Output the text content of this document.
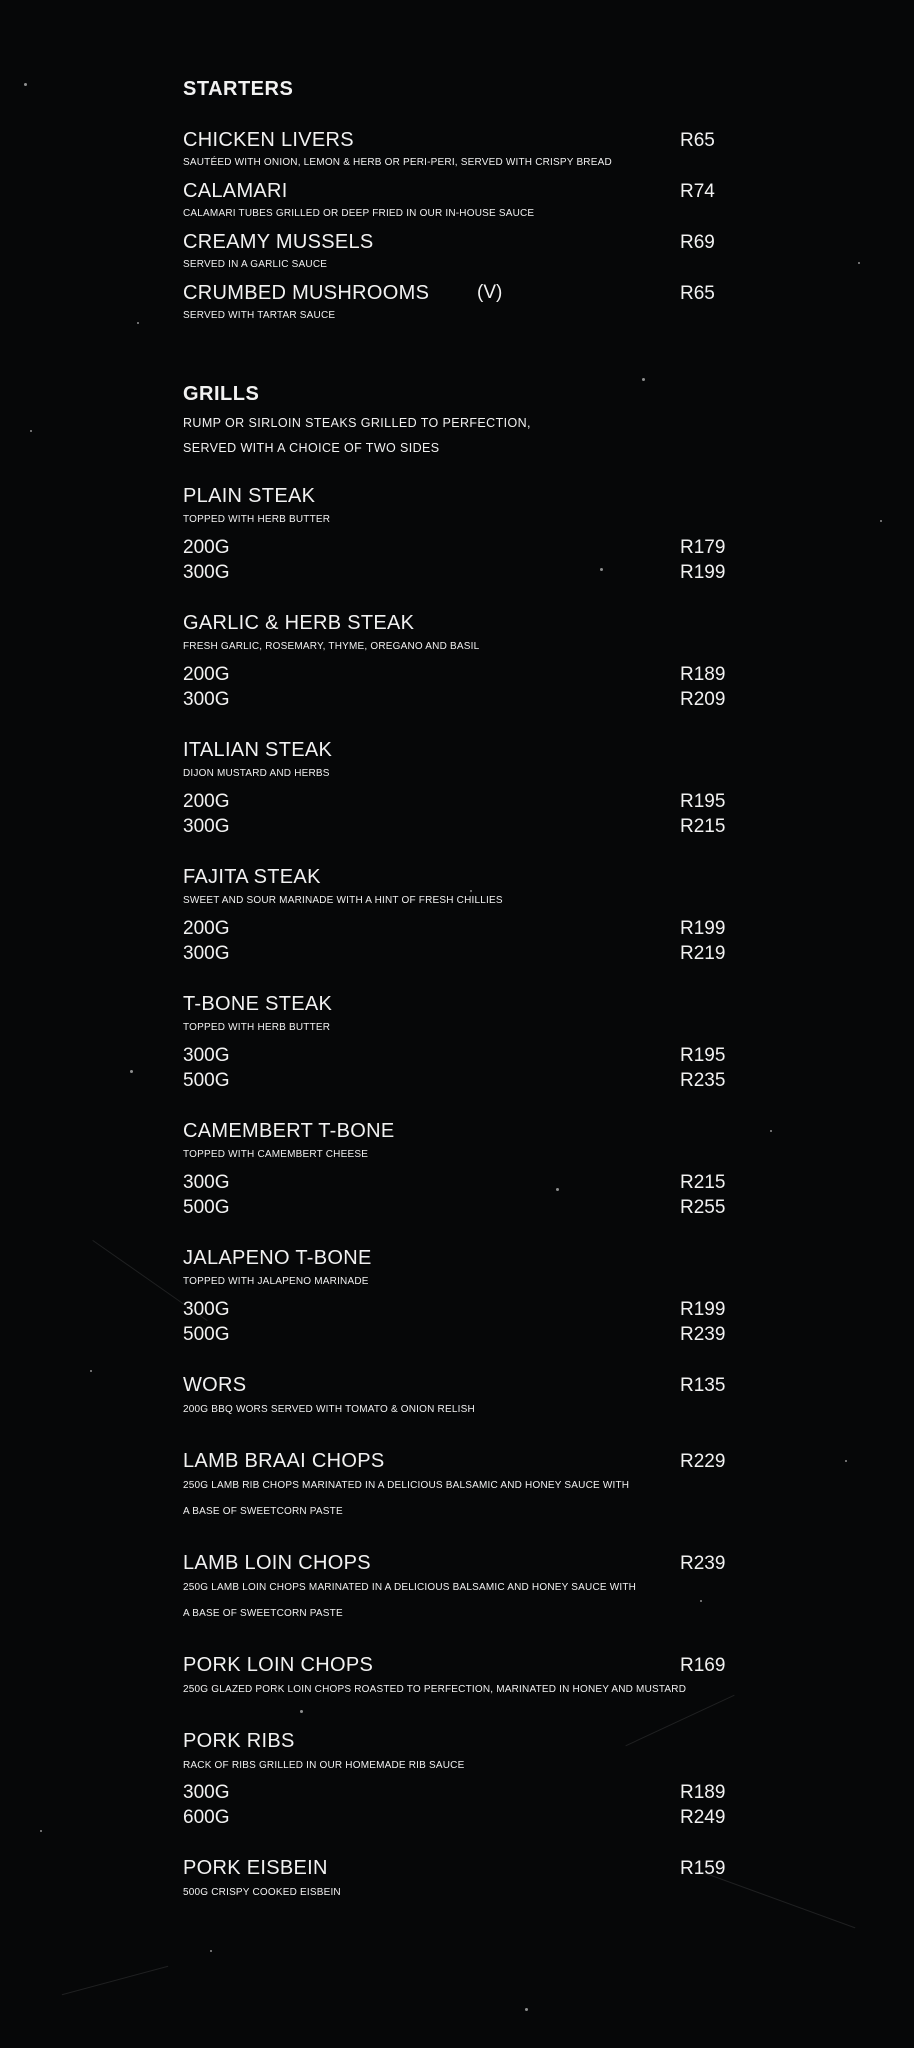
STARTERS
CHICKEN LIVERS	R65
SAUTÉED WITH ONION, LEMON & HERB OR PERI-PERI, SERVED WITH CRISPY BREAD
CALAMARI	R74
CALAMARI TUBES GRILLED OR DEEP FRIED IN OUR IN-HOUSE SAUCE
CREAMY MUSSELS	R69
SERVED IN A GARLIC SAUCE
CRUMBED MUSHROOMS	(V)	R65
SERVED WITH TARTAR SAUCE
GRILLS
RUMP OR SIRLOIN STEAKS GRILLED TO PERFECTION,
SERVED WITH A CHOICE OF TWO SIDES
PLAIN STEAK
TOPPED WITH HERB BUTTER
200G	R179
300G	R199
GARLIC & HERB STEAK
FRESH GARLIC, ROSEMARY, THYME, OREGANO AND BASIL
200G	R189
300G	R209
ITALIAN STEAK
DIJON MUSTARD AND HERBS
200G	R195
300G	R215
FAJITA STEAK
SWEET AND SOUR MARINADE WITH A HINT OF FRESH CHILLIES
200G	R199
300G	R219
T-BONE STEAK
TOPPED WITH HERB BUTTER
300G	R195
500G	R235
CAMEMBERT T-BONE
TOPPED WITH CAMEMBERT CHEESE
300G	R215
500G	R255
JALAPENO T-BONE
TOPPED WITH JALAPENO MARINADE
300G	R199
500G	R239
WORS	R135
200G BBQ WORS SERVED WITH TOMATO & ONION RELISH
LAMB BRAAI CHOPS	R229
250G LAMB RIB CHOPS MARINATED IN A DELICIOUS BALSAMIC AND HONEY SAUCE WITH
A BASE OF SWEETCORN PASTE
LAMB LOIN CHOPS	R239
250G LAMB LOIN CHOPS MARINATED IN A DELICIOUS BALSAMIC AND HONEY SAUCE WITH
A BASE OF SWEETCORN PASTE
PORK LOIN CHOPS	R169
250G GLAZED PORK LOIN CHOPS ROASTED TO PERFECTION, MARINATED IN HONEY AND MUSTARD
PORK RIBS
RACK OF RIBS GRILLED IN OUR HOMEMADE RIB SAUCE
300G	R189
600G	R249
PORK EISBEIN	R159
500G CRISPY COOKED EISBEIN
